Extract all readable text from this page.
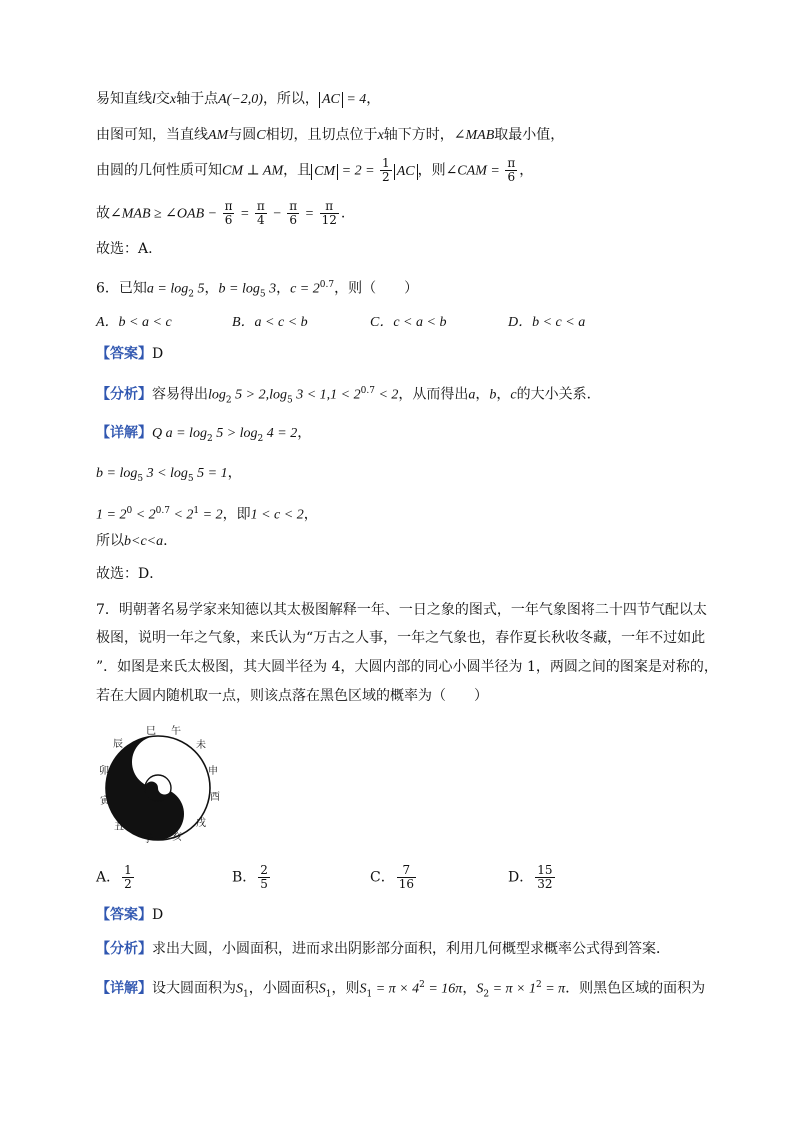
易知直线l交x轴于点A(−2,0)，所以， AC = 4，
由图可知，当直线AM与圆C相切，且切点位于x轴下方时，∠MAB取最小值，
由圆的几何性质可知CM ⊥ AM，且 CM = $2 = \frac{1}{2}$ AC ，则∠CAM = $\frac{\pi}{6}$ ，
故∠MAB ≥ ∠OAB − $\frac{\pi}{6} = \frac{\pi}{4} - \frac{\pi}{6} = \frac{\pi}{12}$ .
故选：A.
6．已知$a = \log_2 5$，$b = \log_5 3$，$c = 2^{0.7}$，则（　　）
A．b < a < c	B．a < c < b	C．c < a < b	D．b < c < a
【答案】D
【分析】容易得出$\log_2 5 > 2,\log_5$ $3 < 1,1 < 2^{0.7} < 2$，从而得出a，b，c的大小关系．
【详解】Q $a = \log_2 5 > \log_2 4 = 2$，
$b = \log_5 3 < \log_5 5 = 1$，
$1 = 2^0 < 2^{0.7} < 2^1 = 2$，即1 < c < 2，
所以b<c<a.
故选：D．
7．明朝著名易学家来知德以其太极图解释一年、一日之象的图式，一年气象图将二十四节气配以太
极图，说明一年之气象，来氏认为“万古之人事，一年之气象也，春作夏长秋收冬藏，一年不过如此
”．如图是来氏太极图，其大圆半径为 4，大圆内部的同心小圆半径为 1，两圆之间的图案是对称的，
若在大圆内随机取一点，则该点落在黑色区域的概率为（　　）
巳 午
未
申
酉
戌
亥
子
丑
寅
卯
辰
A． $\frac{1}{2}$	B． $\frac{2}{5}$	C． $\frac{7}{16}$	D． $\frac{15}{32}$
【答案】D
【分析】求出大圆，小圆面积，进而求出阴影部分面积，利用几何概型求概率公式得到答案．
【详解】设大圆面积为$S_1$，小圆面积$S_1$，则$S_1 = \pi \times 4^2 = 16\pi$，$S_2 = \pi \times 1^2 = \pi$．则黑色区域的面积为
